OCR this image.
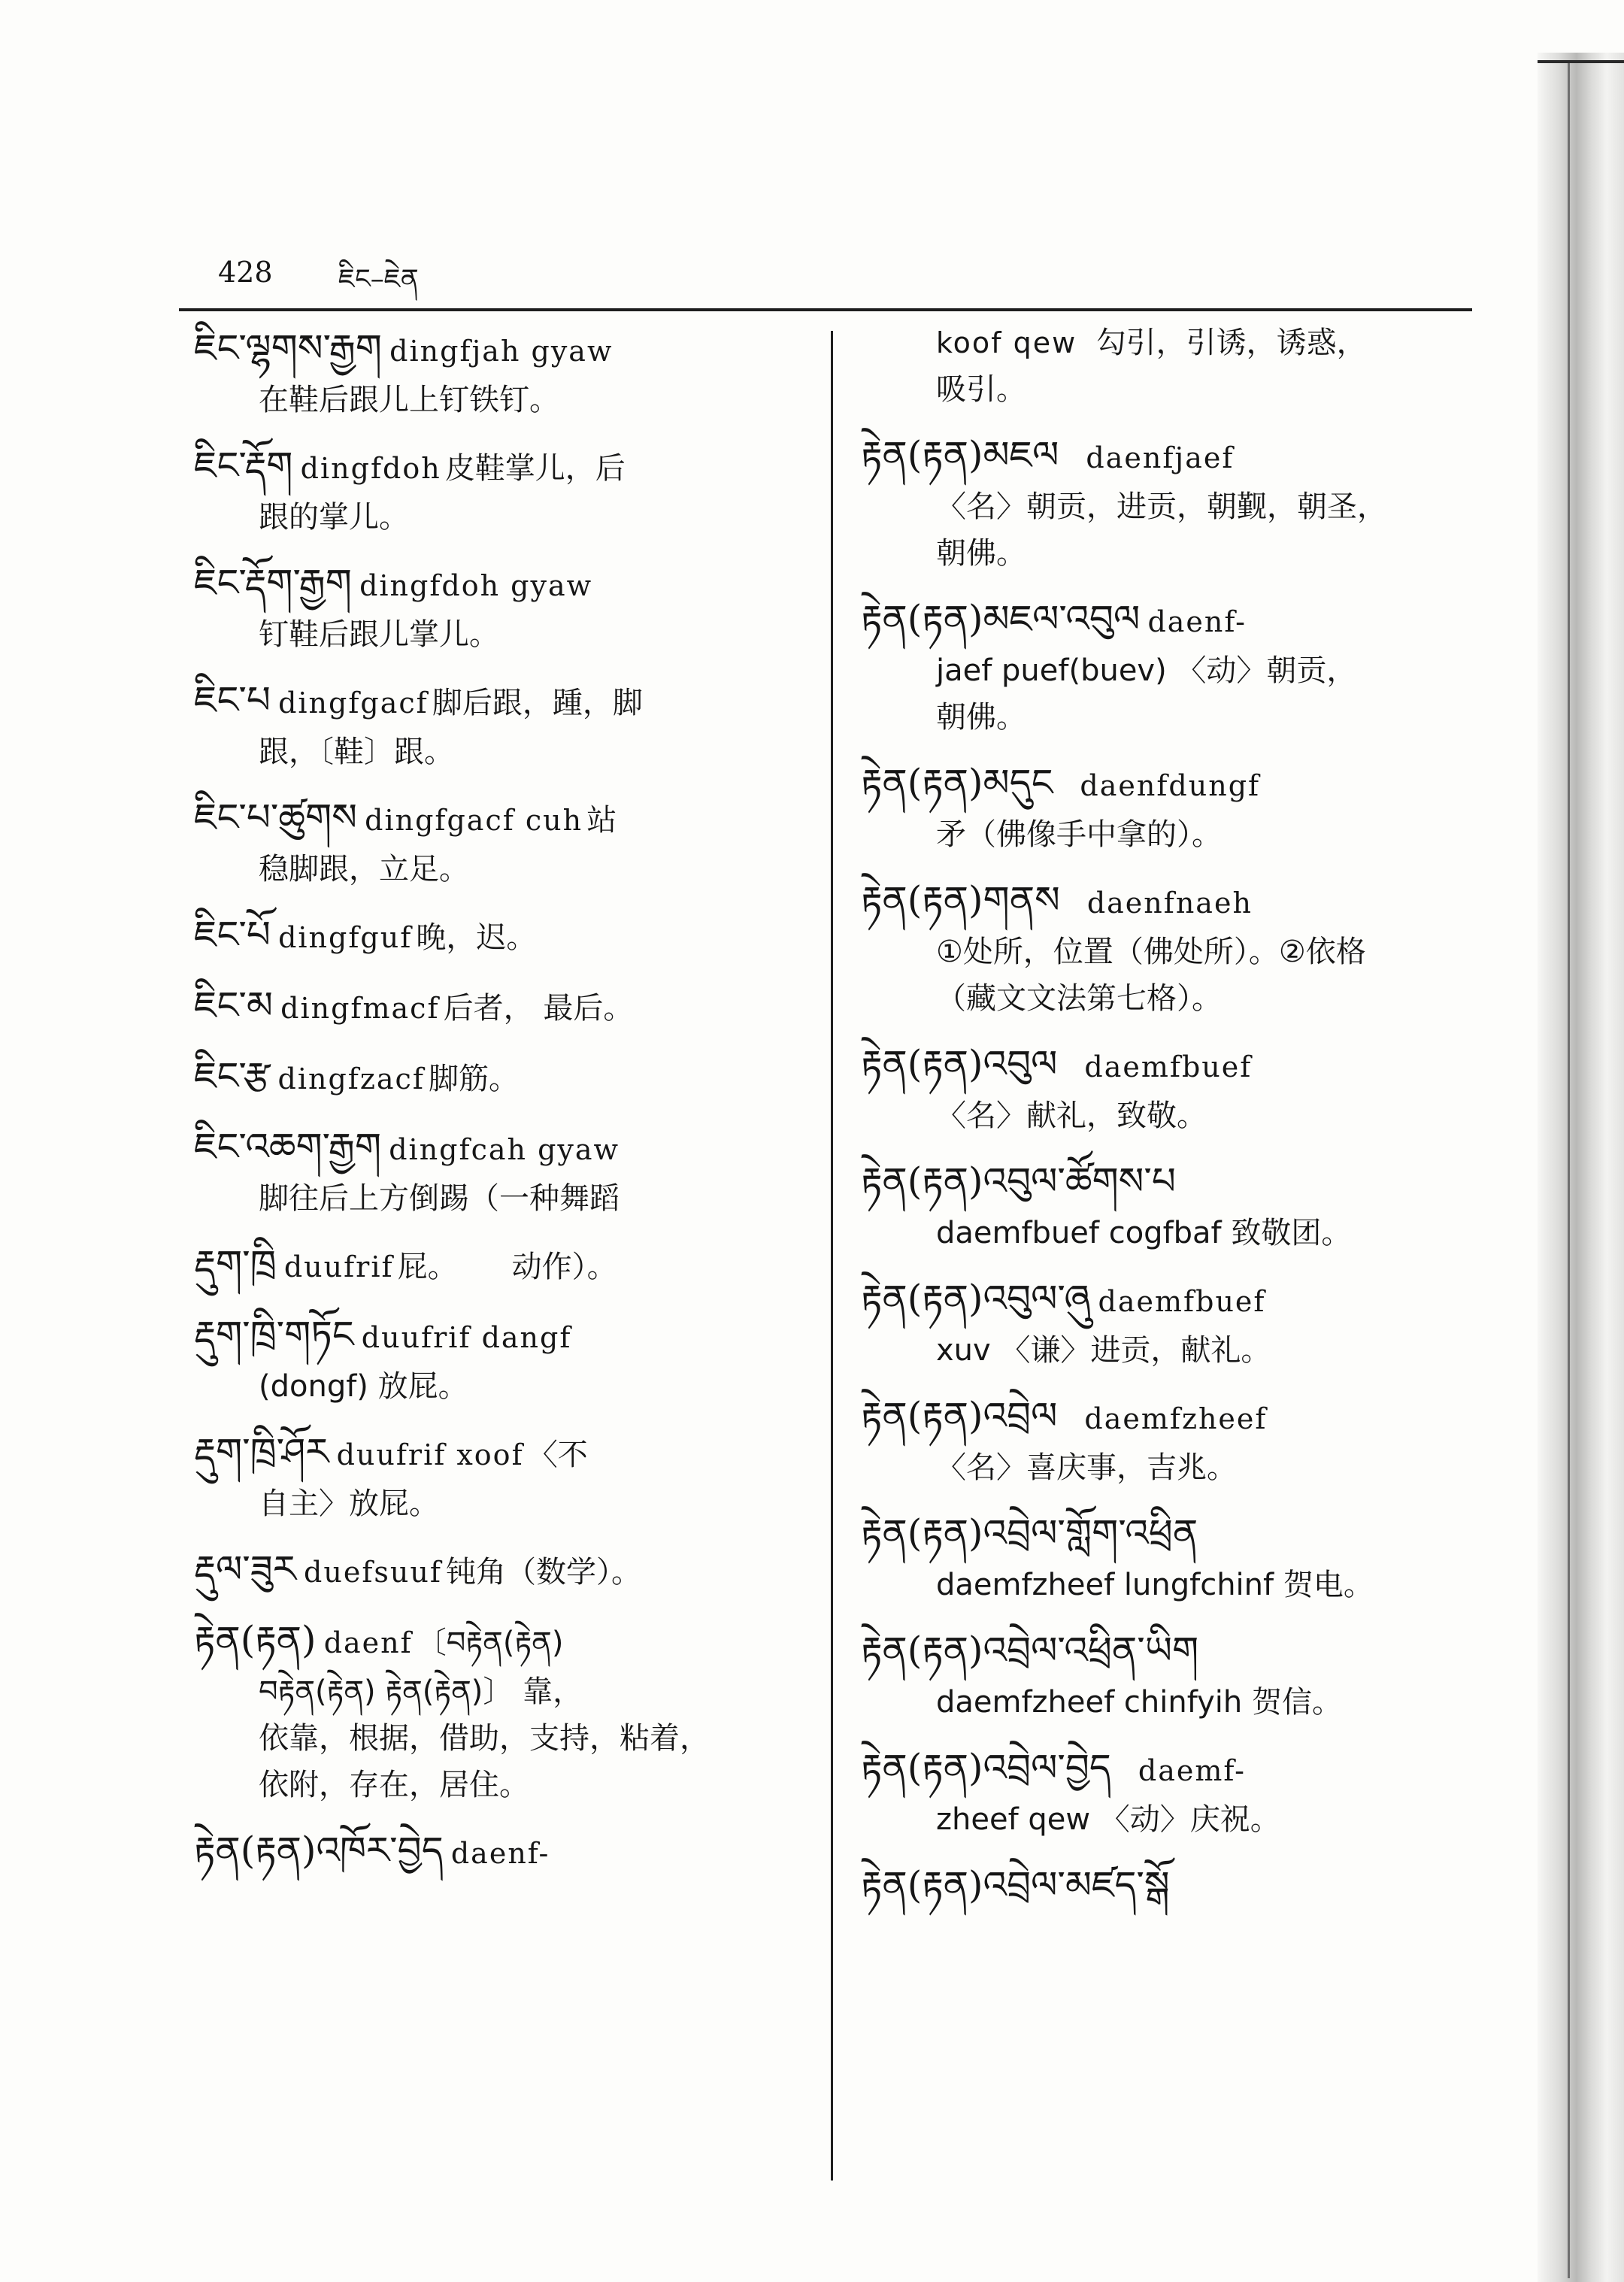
428 ཇིང–ཇེན
ཇིང་ལྷགས་རྒྱག dingfjah gyaw
在鞋后跟儿上钉铁钉。
ཇིང་རྡོག dingfdoh 皮鞋掌儿，后
跟的掌儿。
ཇིང་རྡོག་རྒྱག dingfdoh gyaw
钉鞋后跟儿掌儿。
ཇིང་པ dingfgacf 脚后跟，踵，脚
跟，〔鞋〕跟。
ཇིང་པ་ཚུགས dingfgacf cuh 站
稳脚跟，立足。
ཇིང་པོ dingfguf 晚，迟。
ཇིང་མ dingfmacf 后者， 最后。
ཇིང་རྩ dingfzacf 脚筋。
ཇིང་འཆག་རྒྱག dingfcah gyaw
脚往后上方倒踢（一种舞蹈
རྡུག་ཁྲི duufrif 屁。 动作）。
རྡུག་ཁྲི་གཏོང duufrif dangf
(dongf) 放屁。
རྡུག་ཁྲི་ཤོར duufrif xoof 〈不
自主〉放屁。
རྡུལ་ཟུར duefsuuf 钝角（数学）。
རྟེན(རྟན) daenf 〔བརྟེན(རྟེན)
བརྟེན(རྟེན) རྟེན(རྟེན)〕 靠，
依靠，根据，借助，支持，粘着，
依附，存在，居住。
རྟེན(རྟན)འཁོར་བྱེད daenf-
koof qew 勾引，引诱，诱惑，
吸引。
རྟེན(རྟན)མཇལ daenfjaef
〈名〉朝贡，进贡，朝觐，朝圣，
朝佛。
རྟེན(རྟན)མཇལ་འབུལ daenf-
jaef puef(buev) 〈动〉朝贡，
朝佛。
རྟེན(རྟན)མདུང daenfdungf
矛（佛像手中拿的）。
རྟེན(རྟན)གནས daenfnaeh
①处所，位置（佛处所）。②依格
（藏文文法第七格）。
རྟེན(རྟན)འབུལ daemfbuef
〈名〉献礼，致敬。
རྟེན(རྟན)འབུལ་ཚོགས་པ
daemfbuef cogfbaf 致敬团。
རྟེན(རྟན)འབུལ་ཞུ daemfbuef
xuv 〈谦〉进贡，献礼。
རྟེན(རྟན)འབྲེལ daemfzheef
〈名〉喜庆事，吉兆。
རྟེན(རྟན)འབྲེལ་གློག་འཕྲིན
daemfzheef lungfchinf 贺电。
རྟེན(རྟན)འབྲེལ་འཕྲིན་ཡིག
daemfzheef chinfyih 贺信。
རྟེན(རྟན)འབྲེལ་བྱེད daemf-
zheef qew 〈动〉庆祝。
རྟེན(རྟན)འབྲེལ་མཛད་སྒོ
